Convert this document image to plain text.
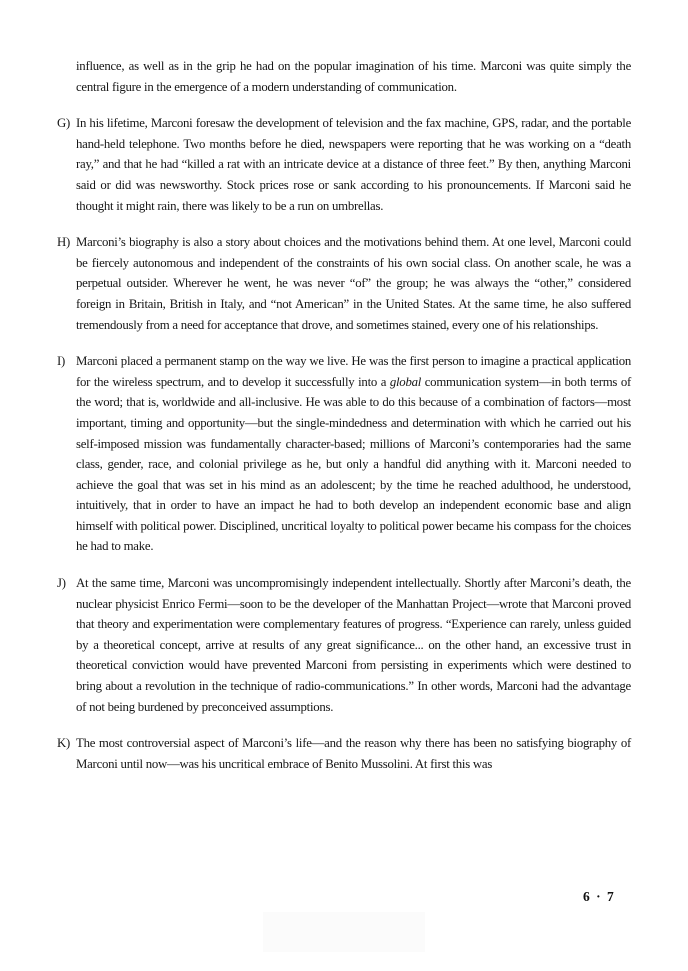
influence, as well as in the grip he had on the popular imagination of his time. Marconi was quite simply the central figure in the emergence of a modern understanding of communication.

G) In his lifetime, Marconi foresaw the development of television and the fax machine, GPS, radar, and the portable hand-held telephone. Two months before he died, newspapers were reporting that he was working on a “death ray,” and that he had “killed a rat with an intricate device at a distance of three feet.” By then, anything Marconi said or did was newsworthy. Stock prices rose or sank according to his pronouncements. If Marconi said he thought it might rain, there was likely to be a run on umbrellas.

H) Marconi’s biography is also a story about choices and the motivations behind them. At one level, Marconi could be fiercely autonomous and independent of the constraints of his own social class. On another scale, he was a perpetual outsider. Wherever he went, he was never “of” the group; he was always the “other,” considered foreign in Britain, British in Italy, and “not American” in the United States. At the same time, he also suffered tremendously from a need for acceptance that drove, and sometimes stained, every one of his relationships.

I) Marconi placed a permanent stamp on the way we live. He was the first person to imagine a practical application for the wireless spectrum, and to develop it successfully into a global communication system—in both terms of the word; that is, worldwide and all-inclusive. He was able to do this because of a combination of factors—most important, timing and opportunity—but the single-mindedness and determination with which he carried out his self-imposed mission was fundamentally character-based; millions of Marconi’s contemporaries had the same class, gender, race, and colonial privilege as he, but only a handful did anything with it. Marconi needed to achieve the goal that was set in his mind as an adolescent; by the time he reached adulthood, he understood, intuitively, that in order to have an impact he had to both develop an independent economic base and align himself with political power. Disciplined, uncritical loyalty to political power became his compass for the choices he had to make.

J) At the same time, Marconi was uncompromisingly independent intellectually. Shortly after Marconi’s death, the nuclear physicist Enrico Fermi—soon to be the developer of the Manhattan Project—wrote that Marconi proved that theory and experimentation were complementary features of progress. “Experience can rarely, unless guided by a theoretical concept, arrive at results of any great significance... on the other hand, an excessive trust in theoretical conviction would have prevented Marconi from persisting in experiments which were destined to bring about a revolution in the technique of radio-communications.” In other words, Marconi had the advantage of not being burdened by preconceived assumptions.

K) The most controversial aspect of Marconi’s life—and the reason why there has been no satisfying biography of Marconi until now—was his uncritical embrace of Benito Mussolini. At first this was

6 · 7
